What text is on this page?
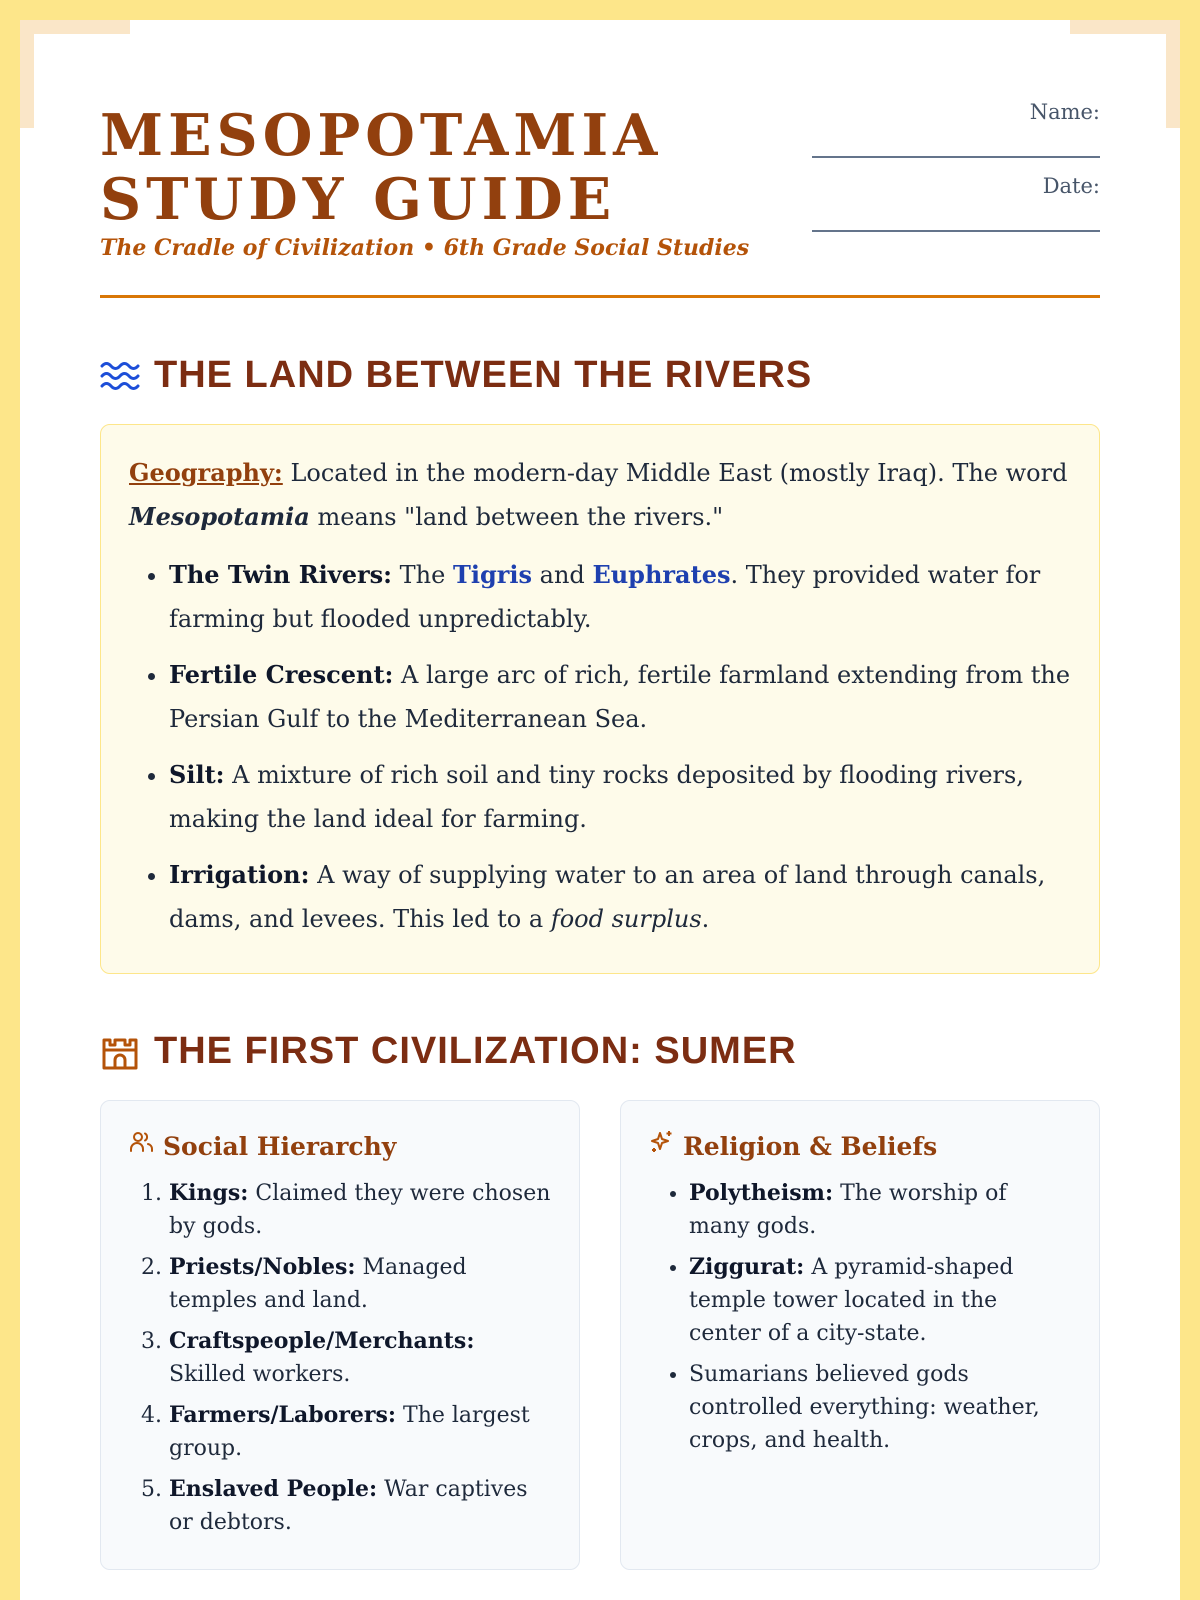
MESOPOTAMIA
STUDY GUIDE
The Cradle of Civilization • 6th Grade Social Studies
Name:
Date:
THE LAND BETWEEN THE RIVERS

Geography: Located in the modern-day Middle East (mostly Iraq). The word Mesopotamia means "land between the rivers."

• The Twin Rivers: The Tigris and Euphrates. They provided water for farming but flooded unpredictably.
• Fertile Crescent: A large arc of rich, fertile farmland extending from the Persian Gulf to the Mediterranean Sea.
• Silt: A mixture of rich soil and tiny rocks deposited by flooding rivers, making the land ideal for farming.
• Irrigation: A way of supplying water to an area of land through canals, dams, and levees. This led to a food surplus.
THE FIRST CIVILIZATION: SUMER
Social Hierarchy
1. Kings: Claimed they were chosen by gods.
2. Priests/Nobles: Managed temples and land.
3. Craftspeople/Merchants: Skilled workers.
4. Farmers/Laborers: The largest group.
5. Enslaved People: War captives or debtors.
Religion & Beliefs
• Polytheism: The worship of many gods.
• Ziggurat: A pyramid-shaped temple tower located in the center of a city-state.
• Sumarians believed gods controlled everything: weather, crops, and health.
